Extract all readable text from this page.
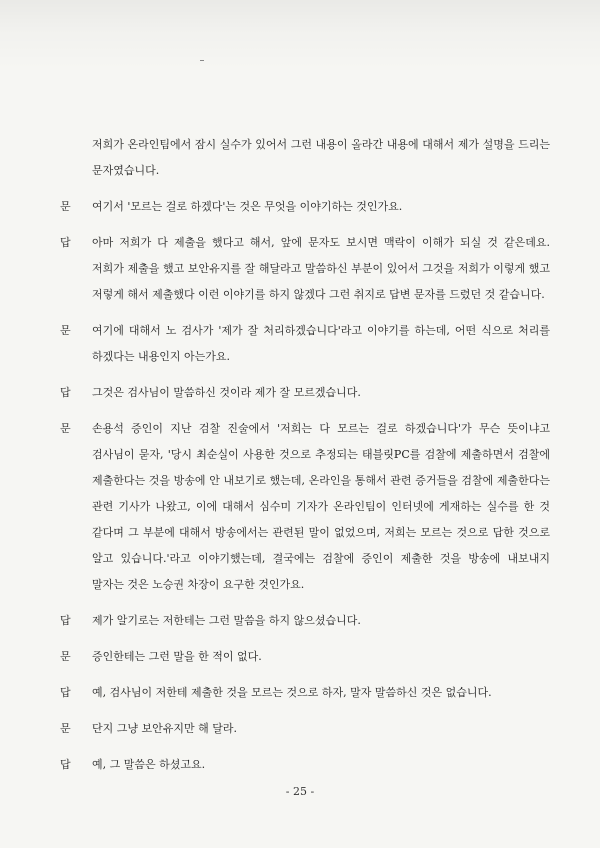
저희가 온라인팀에서 잠시 실수가 있어서 그런 내용이 올라간 내용에 대해서 제가 설명을 드리는 문자였습니다.
문	여기서 '모르는 걸로 하겠다'는 것은 무엇을 이야기하는 것인가요.
답	아마 저희가 다 제출을 했다고 해서, 앞에 문자도 보시면 맥락이 이해가 되실 것 같은데요. 저희가 제출을 했고 보안유지를 잘 해달라고 말씀하신 부분이 있어서 그것을 저희가 이렇게 했고 저렇게 해서 제출했다 이런 이야기를 하지 않겠다 그런 취지로 답변 문자를 드렸던 것 같습니다.
문	여기에 대해서 노 검사가 '제가 잘 처리하겠습니다'라고 이야기를 하는데, 어떤 식으로 처리를 하겠다는 내용인지 아는가요.
답	그것은 검사님이 말씀하신 것이라 제가 잘 모르겠습니다.
문	손용석 증인이 지난 검찰 진술에서 '저희는 다 모르는 걸로 하겠습니다'가 무슨 뜻이냐고 검사님이 묻자, '당시 최순실이 사용한 것으로 추정되는 태블릿PC를 검찰에 제출하면서 검찰에 제출한다는 것을 방송에 안 내보기로 했는데, 온라인을 통해서 관련 증거들을 검찰에 제출한다는 관련 기사가 나왔고, 이에 대해서 심수미 기자가 온라인팀이 인터넷에 게재하는 실수를 한 것 같다며 그 부분에 대해서 방송에서는 관련된 말이 없었으며, 저희는 모르는 것으로 답한 것으로 알고 있습니다.'라고 이야기했는데, 결국에는 검찰에 증인이 제출한 것을 방송에 내보내지 말자는 것은 노승권 차장이 요구한 것인가요.
답	제가 알기로는 저한테는 그런 말씀을 하지 않으셨습니다.
문	증인한테는 그런 말을 한 적이 없다.
답	예, 검사님이 저한테 제출한 것을 모르는 것으로 하자, 말자 말씀하신 것은 없습니다.
문	단지 그냥 보안유지만 해 달라.
답	예, 그 말씀은 하셨고요.
- 25 -
